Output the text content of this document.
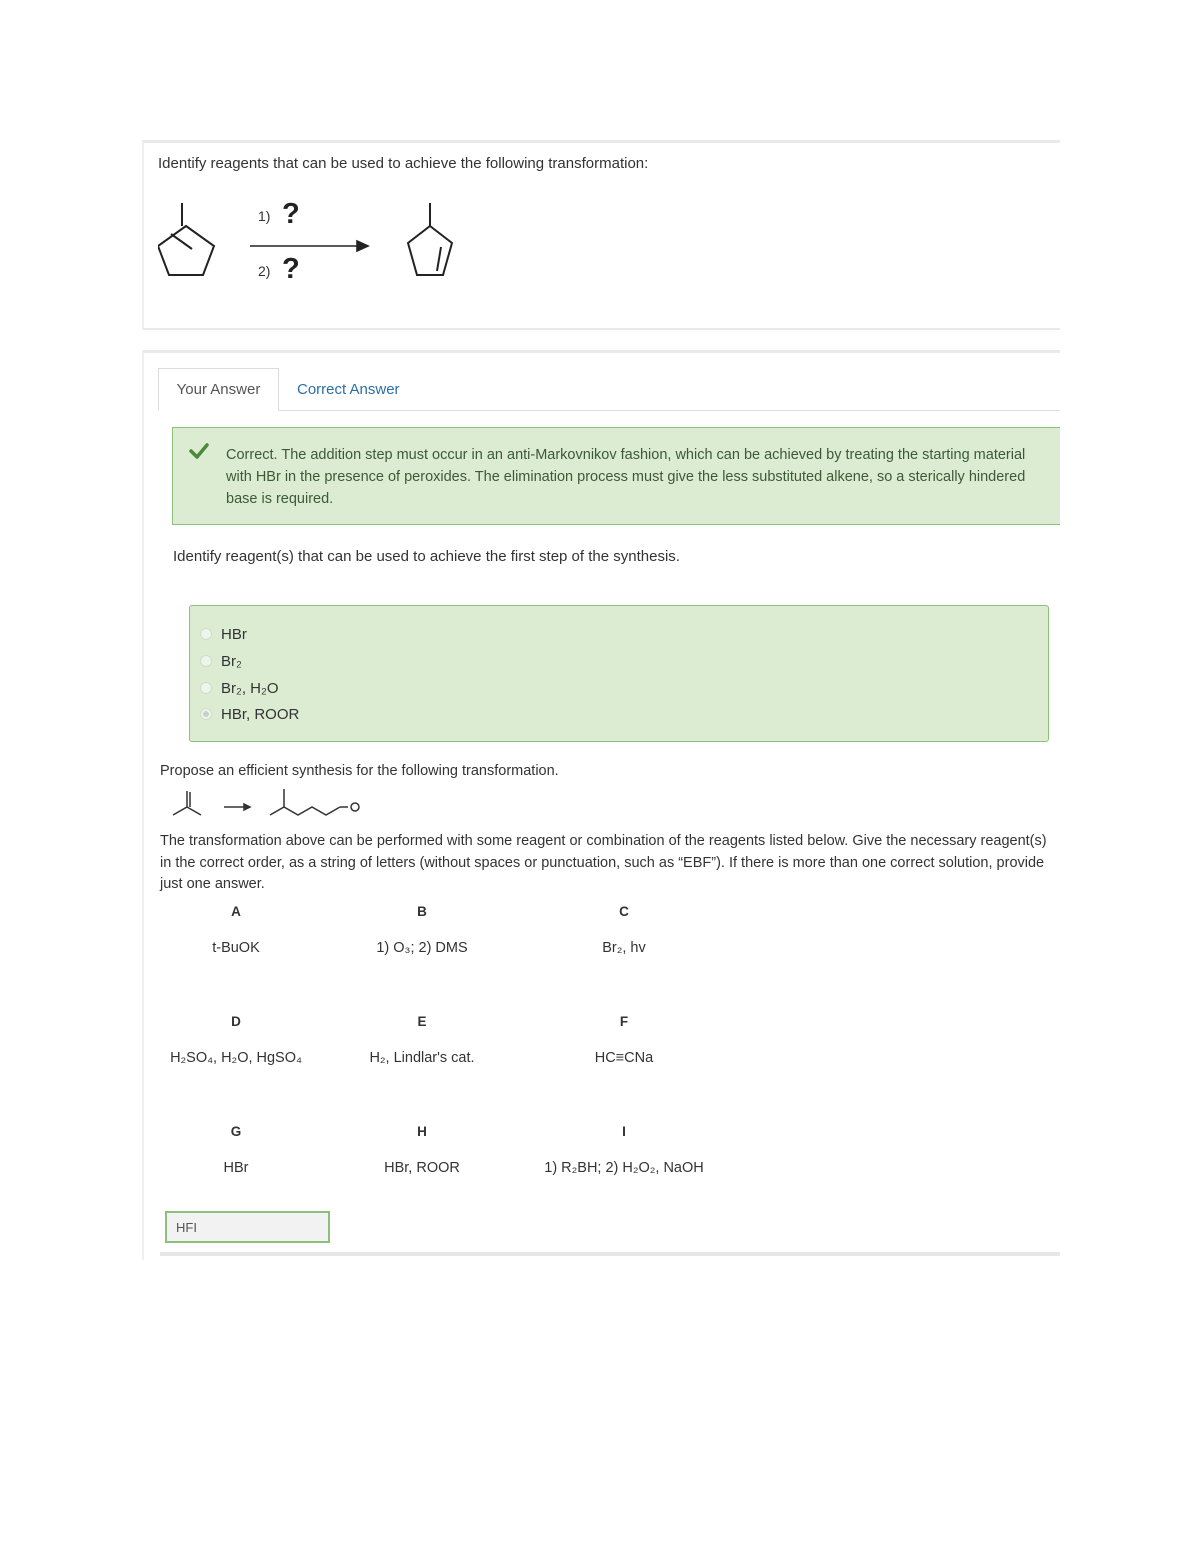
Identify reagents that can be used to achieve the following transformation:
1) ?
2) ?
Your Answer	Correct Answer
Correct. The addition step must occur in an anti-Markovnikov fashion, which can be achieved by treating the starting material with HBr in the presence of peroxides. The elimination process must give the less substituted alkene, so a sterically hindered base is required.
Identify reagent(s) that can be used to achieve the first step of the synthesis.
HBr
Br₂
Br₂, H₂O
HBr, ROOR
Propose an efficient synthesis for the following transformation.
The transformation above can be performed with some reagent or combination of the reagents listed below. Give the necessary reagent(s) in the correct order, as a string of letters (without spaces or punctuation, such as “EBF”). If there is more than one correct solution, provide just one answer.
A
t-BuOK
B
1) O₃; 2) DMS
C
Br₂, hv
D
H₂SO₄, H₂O, HgSO₄
E
H₂, Lindlar's cat.
F
HC≡CNa
G
HBr
H
HBr, ROOR
I
1) R₂BH; 2) H₂O₂, NaOH
HFI
